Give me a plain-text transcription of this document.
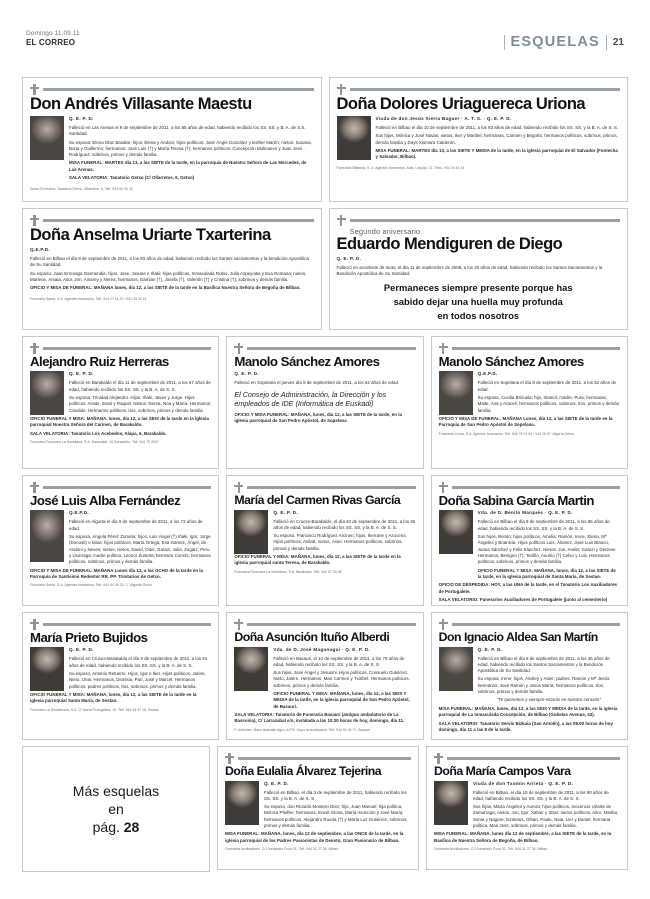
Domingo 11.09.11
EL CORREO	ESQUELAS 21
Don Andrés Villasante Maestu

Q. E. P. D.

Falleció en Las Arenas el 9 de septiembre de 2011, a los 85 años de edad, habiendo recibido los SS. SS. y B. A. de S.S. Santidad.

Su esposa: Elena Díaz Basabe; hijos: Elena y Andoni; hijos políticos: José Ángel González y Esther Martín; nietos: Susana, Borja y Guillermo; hermanos: José Luis (†) y María Teresa (†); hermanos políticos: Concepción Molinuevo y Juan José Rodríguez; sobrinos, primos y demás familia.

MISA FUNERAL: MARTES día 13, a las SIETE de la tarde, en la parroquia de Nuestra Señora de Las Mercedes, de Las Arenas.

SALA VELATORIA: Tanatorio Getxo (C/ Ollarretxe, 6, Getxo)

Getxo Funeraria, Tanatorio Getxo. Ollarretxe, 6. Telf. 944 60 00 33
Doña Dolores Uriaguereca Uriona

Viuda de don Jesús Sierra Baguer · A. T. S. · Q. E. P. D.

Falleció en Bilbao el día 10 de septiembre de 2011, a los 83 años de edad, habiendo recibido los SS. SS. y la B. A. de S. S.

Sus hijos, Mónica y José Navas; nietos, Iker y Maribel; hermanas, Carmen y Begoña; hermanos políticos, sobrinos, primos, demás familia y Days Xiomara Calderón.

MISA FUNERAL: MARTES día 13, a las SIETE Y MEDIA de la tarde, en la iglesia parroquial de El Salvador (Fontecha y Salvador, Bilbao).

Funeraria Bilbaína, S. A. Agentes funerarios. Alda. Urquijo, 21. Tlfno. 944 24 44 44
Doña Anselma Uriarte Txarterina

Q.E.P.D.

Falleció en Bilbao el día 9 de septiembre de 2011, a los 93 años de edad, habiendo recibido los Santos sacramentos y la bendición Apostólica de Su Santidad.

Su esposo: Juan Errenaga Garmendia; hijos, Jose, Josune e Iñaki; hijas políticas, Inmaculada Rubio, Julia Azpeyoitia y Eva Romana; nietos, Marlene, Amaia, Aitor, Jon, Ainarey y Nerea; hermanos, Damian (†), Josefa (†), Valentín (†) y Cristina (†); sobrinos y demás familia.

OFICIO Y MISA DE FUNERAL: MAÑANA lunes, día 12, a las SIETE de la tarde en la Basílica Nuestra Señora de Begoña de Bilbao.

Funeraria Santa, S.A. Agentes funerarios. Telf. 944 47 11 22 / 944 33 22 11
Segundo aniversario
Eduardo Mendiguren de Diego

Q. E. P. D.

Falleció en accidente de moto, el día 11 de septiembre de 2009, a los 40 años de edad, habiendo recibido los Santos Sacramentos y la Bendición Apostólica de Su Santidad.

Permaneces siempre presente porque has
sabido dejar una huella muy profunda
en todos nosotros
Alejandro Ruiz Herreras

Q. E. P. D.

Falleció en Barakaldo el día 11 de septiembre de 2011, a los 67 años de edad, habiendo recibido los SS. SS. y la B. A. de S. S.

Su esposa: Trinidad Alejandro. Hijos: Iñaki, Javier y Jorge. Hijos políticos: Arrate, Evari y Raquel. Nietos: Nerea, Noa y María. Hermanos: Cándido. Hermanos políticos, tíos, sobrinos, primos y demás familia.

OFICIO FUNERAL Y MISA: MAÑANA, lunes, día 12, a las SEIS de la tarde en la iglesia parroquial Nuestra Señora del Carmen, de Barakaldo.

SALA VELATORIA: Tanatorio Los Acebedos, Alapa, 6, Barakaldo.

Funeraria Funeraria La Santillana, S.A. Baracaldo. 10 Barakaldo. Telf. 944 79 2007
Manolo Sánchez Amores

Q. E. P. D.

Falleció en Sopelana el jueves día 8 de septiembre de 2011, a los 62 años de edad.

El Consejo de Administración, la Dirección y los empleados de IDE (Informática de Euskadi)

OFICIO Y MISA FUNERAL: MAÑANA, lunes, día 12, a las SIETE de la tarde, en la iglesia parroquial de San Pedro Apóstol, de Sopelana

Manolo Sánchez Amores

Q.E.P.D.

Falleció en Sopelana el día 8 de septiembre de 2011, a los 62 años de edad.

Su esposa, Cecilia Brizuela; hijo, Imanol; madre, Pura; hermanas, Maite, Ana y Araceli; hermanos políticos, sobrinos, tíos, primos y demás familia.

OFICIO Y MISA DE FUNERAL: MAÑANA Lunes, día 12, a las SIETE de la tarde en la Parroquia de San Pedro Apóstol de Sopelana.

Funeraria Costa, S.A. Agentes funerarios. Telf. 946 76 01 54 / 943 26 87. Algorta-Getxo
José Luis Alba Fernández

Q.E.P.D.

Falleció en Algorta el día 9 de septiembre de 2011, a los 73 años de edad.

Su esposa, Ángela Pérez Zumeta; hijos, Luis Ángel (†) Iñaki, Igor, Jorge (Donosti) e Idoia; hijos políticos, María Ortega, Eva Gamez, Ángel, de Andoni y Neven; nietos: nietos, David, Odei, Garazi, Julia, Zugatz, Peru y Usúrraga; madre política, Leonor Zumeta; hermana Conchi; hermanos políticos, sobrinos, primos y demás familia.

OFICIO Y MISA DE FUNERAL: MAÑANA Lunes día 12, a las OCHO de la tarde en la Parroquia de Santísimo Redentor RR. PP. Trinitarios de Getxo.

Funeraria Santa, S.A. Agentes funerarios. Telf. 944 64 46 23 / 7. Algorta-Getxo
María del Carmen Rivas García

Q. E. P. D.

Falleció en Cruces-Barakaldo, el día 10 de septiembre de 2011, a los 65 años de edad, habiendo recibido los SS. SS. y la B. A. de S. S.

Su esposo, Francisco Rodríguez Arcinen; hijos, Ikerrane y Azucena. Hijos políticos, Anibal; nietos, Asier. Hermanos políticos, sobrinos, primos y demás familia.

OFICIO FUNERAL Y MISA: MAÑANA, lunes, día 12, a las SIETE de la tarde en la iglesia parroquial santa Teresa, de Barakaldo.

Funeraria Funeraria La Santillana, S.A. Barakaldo. Telf. 944 07 23 45
Doña Sabina García Martin

Vda. de D. Benito Marqués · Q. E. P. D.

Falleció en Bilbao el día 9 de septiembre de 2011, a los 85 años de edad, habiendo recibido los SS. SS. y la B. A. de S. S.

Sus hijos, Benito; hijos políticos, Amelia, Ramón, Irene, Elena, Mª Ángeles y Boanicia. Hijos políticos Luis, Álvarez, José Luis Blanco, Juana Sánchez y Félix Sánchez. Nietos: Jon, Ander, Garazi y Denisse. Hermanos, Benigno (†), Teófilo, Aurelio (†) Celso y Luis. Hermanos políticos, sobrinos, primos y demás familia.

OFICIO FUNERAL Y MISA: MAÑANA, lunes, día 12, a las SIETE de la tarde, en la iglesia parroquial de Santa María, de Sestao.

OFICIO DE DESPEDIDA: HOY, a las UNA de la tarde, en el Tanatorio Los Auxiliadores de Portugalete.

SALA VELATORIO: Funerarios Auxiliadores de Portugalete (junto al cementerio)

María Prieto Bujidos

Q. E. P. D.

Falleció en Cruces-Barakaldo el día 8 de septiembre de 2011, a los 91 años de edad, habiendo recibido los SS. SS. y la B. A. de S. S.

Su esposo, Antonio Retuerto. Hijos, Igor e Iker. Hijos políticos, Janire, Nieto, Unai. Hermanos, Dionisia, Pari, José y Marcel. Hermanos políticos, padres políticos, tíos, sobrinos, primos y demás familia.

OFICIO FUNERAL Y MISA: MAÑANA, lunes, día 12, a las SIETE de la tarde en la iglesia parroquial Santa María, de Sestao.

Funeraria La Resistencia, S.A. C/ Norte Portugalete, 10. Telf. 944 96 37 18, Sestao
Doña Asunción Ituño Alberdi

Vda. de D. José Magunagui · Q. E. P. D.

Falleció en Basauri, el 10 de septiembre de 2011, a los 79 años de edad, habiendo recibido los SS. SS. y la B. A. de S. S.

Sus hijos, José Ángel y Jesusmi. Hijos políticos, Consuelo Gutiérrez, Nieto, Janire. Hermanos, Mari Carmen y Txiribel. Hermanos políticos, sobrinos, primos y demás familia.

OFICIO FUNERAL Y MISA: MAÑANA, lunes, día 12, a las SEIS Y MEDIA de la tarde, en la iglesia parroquial de San Pedro Apóstol, de Basauri.

SALA VELATORIA: Tanatorio de Funeraria Basauri (antiguo ambulatorio de La Basconia), C/ Larrazabal s/n, instalada a las 10.30 horas de hoy, domingo, día 11.

F. Ambulan. Buen abandari Agro, a.P.S. Gapo la auxiliadora. Telf. 944 51 04 71. Basauri
Don Ignacio Aldea San Martín

Q. E. P. D.

Falleció en Bilbao el día 9 de septiembre de 2011, a los 46 años de edad, habiendo recibido los Santos Sacramentos y la Bendición Apostólica de Su Santidad.

Su esposa, Irene; hijos, Andrey y Asier; padres, Ramón y Mª Jesús; hermanos, José Ramón y Jesús María; hermanos políticos, tíos, sobrinos, primos y demás familia.

"Te queremos y siempre estarás en nuestro corazón"

MISA FUNERAL: MAÑANA, lunes, día 12, a las SEIS Y MEDIA de la tarde, en la iglesia parroquial de La Inmaculada Concepción, de Bilbao (Gobelas Avenue, 43).

SALA VELATORIO: Tanatorio Servis Bizkaia (San Antolín), a las 09.00 horas de hoy domingo, día 11 a las 8 de la tarde.

Más esquelas
en
pág. 28
Doña Eulalia Álvarez Tejerina

Q. E. P. D.

Falleció en Bilbao, el día 3 de septiembre de 2011, habiendo recibido los SS. SS. y la B. A. de S. S.

Su esposo, don Ricardo Montero Díez; hijo, Juan Manuel; hija política, Mónica Pfeiffer; hermanos, Enedi Gloria, María Asunción y José María; hermanos políticos, Alejandro Rueda (†) y María Luz Gutiérrez; sobrinos, primos y demás familia.

MISA FUNERAL: MAÑANA, lunes, día 12 de septiembre, a las ONCE de la tarde, en la iglesia parroquial de los Padres Pasionistas de Deusto, Gran Pasionario de Bilbao.

Funeraria Auxiliadores. C/ Licenciado Poza 31. Telf. 944 21 27 34. Bilbao
Doña María Campos Vara

Viuda de don Txomin Arrieta · Q. E. P. D.

Falleció en Bilbao, el día 10 de septiembre de 2011, a los 90 años de edad, habiendo recibido los SS. SS. y la B. A. de S. S.

Sus hijas, María Ángeles y Aurora; hijos políticos, Inocencio Uriarte de Zumarraga; nietos, Jon, Igor, Xabier y Itziar; nietos políticos, Aitor, Maribu, Sonia y Nagore; biznietos, Oihan, Paule, Naia, Lier y Daniel; hermana política, Mari Jess; sobrinos, primos y demás familia.

MISA FUNERAL: MAÑANA, lunes día 12 de septiembre, a las SIETE de la tarde, en la Basílica de Nuestra Señora de Begoña, de Bilbao.

Funeraria Auxiliadores. C/ Licenciado Poza 31. Telf. 944 21 27 34. Bilbao
